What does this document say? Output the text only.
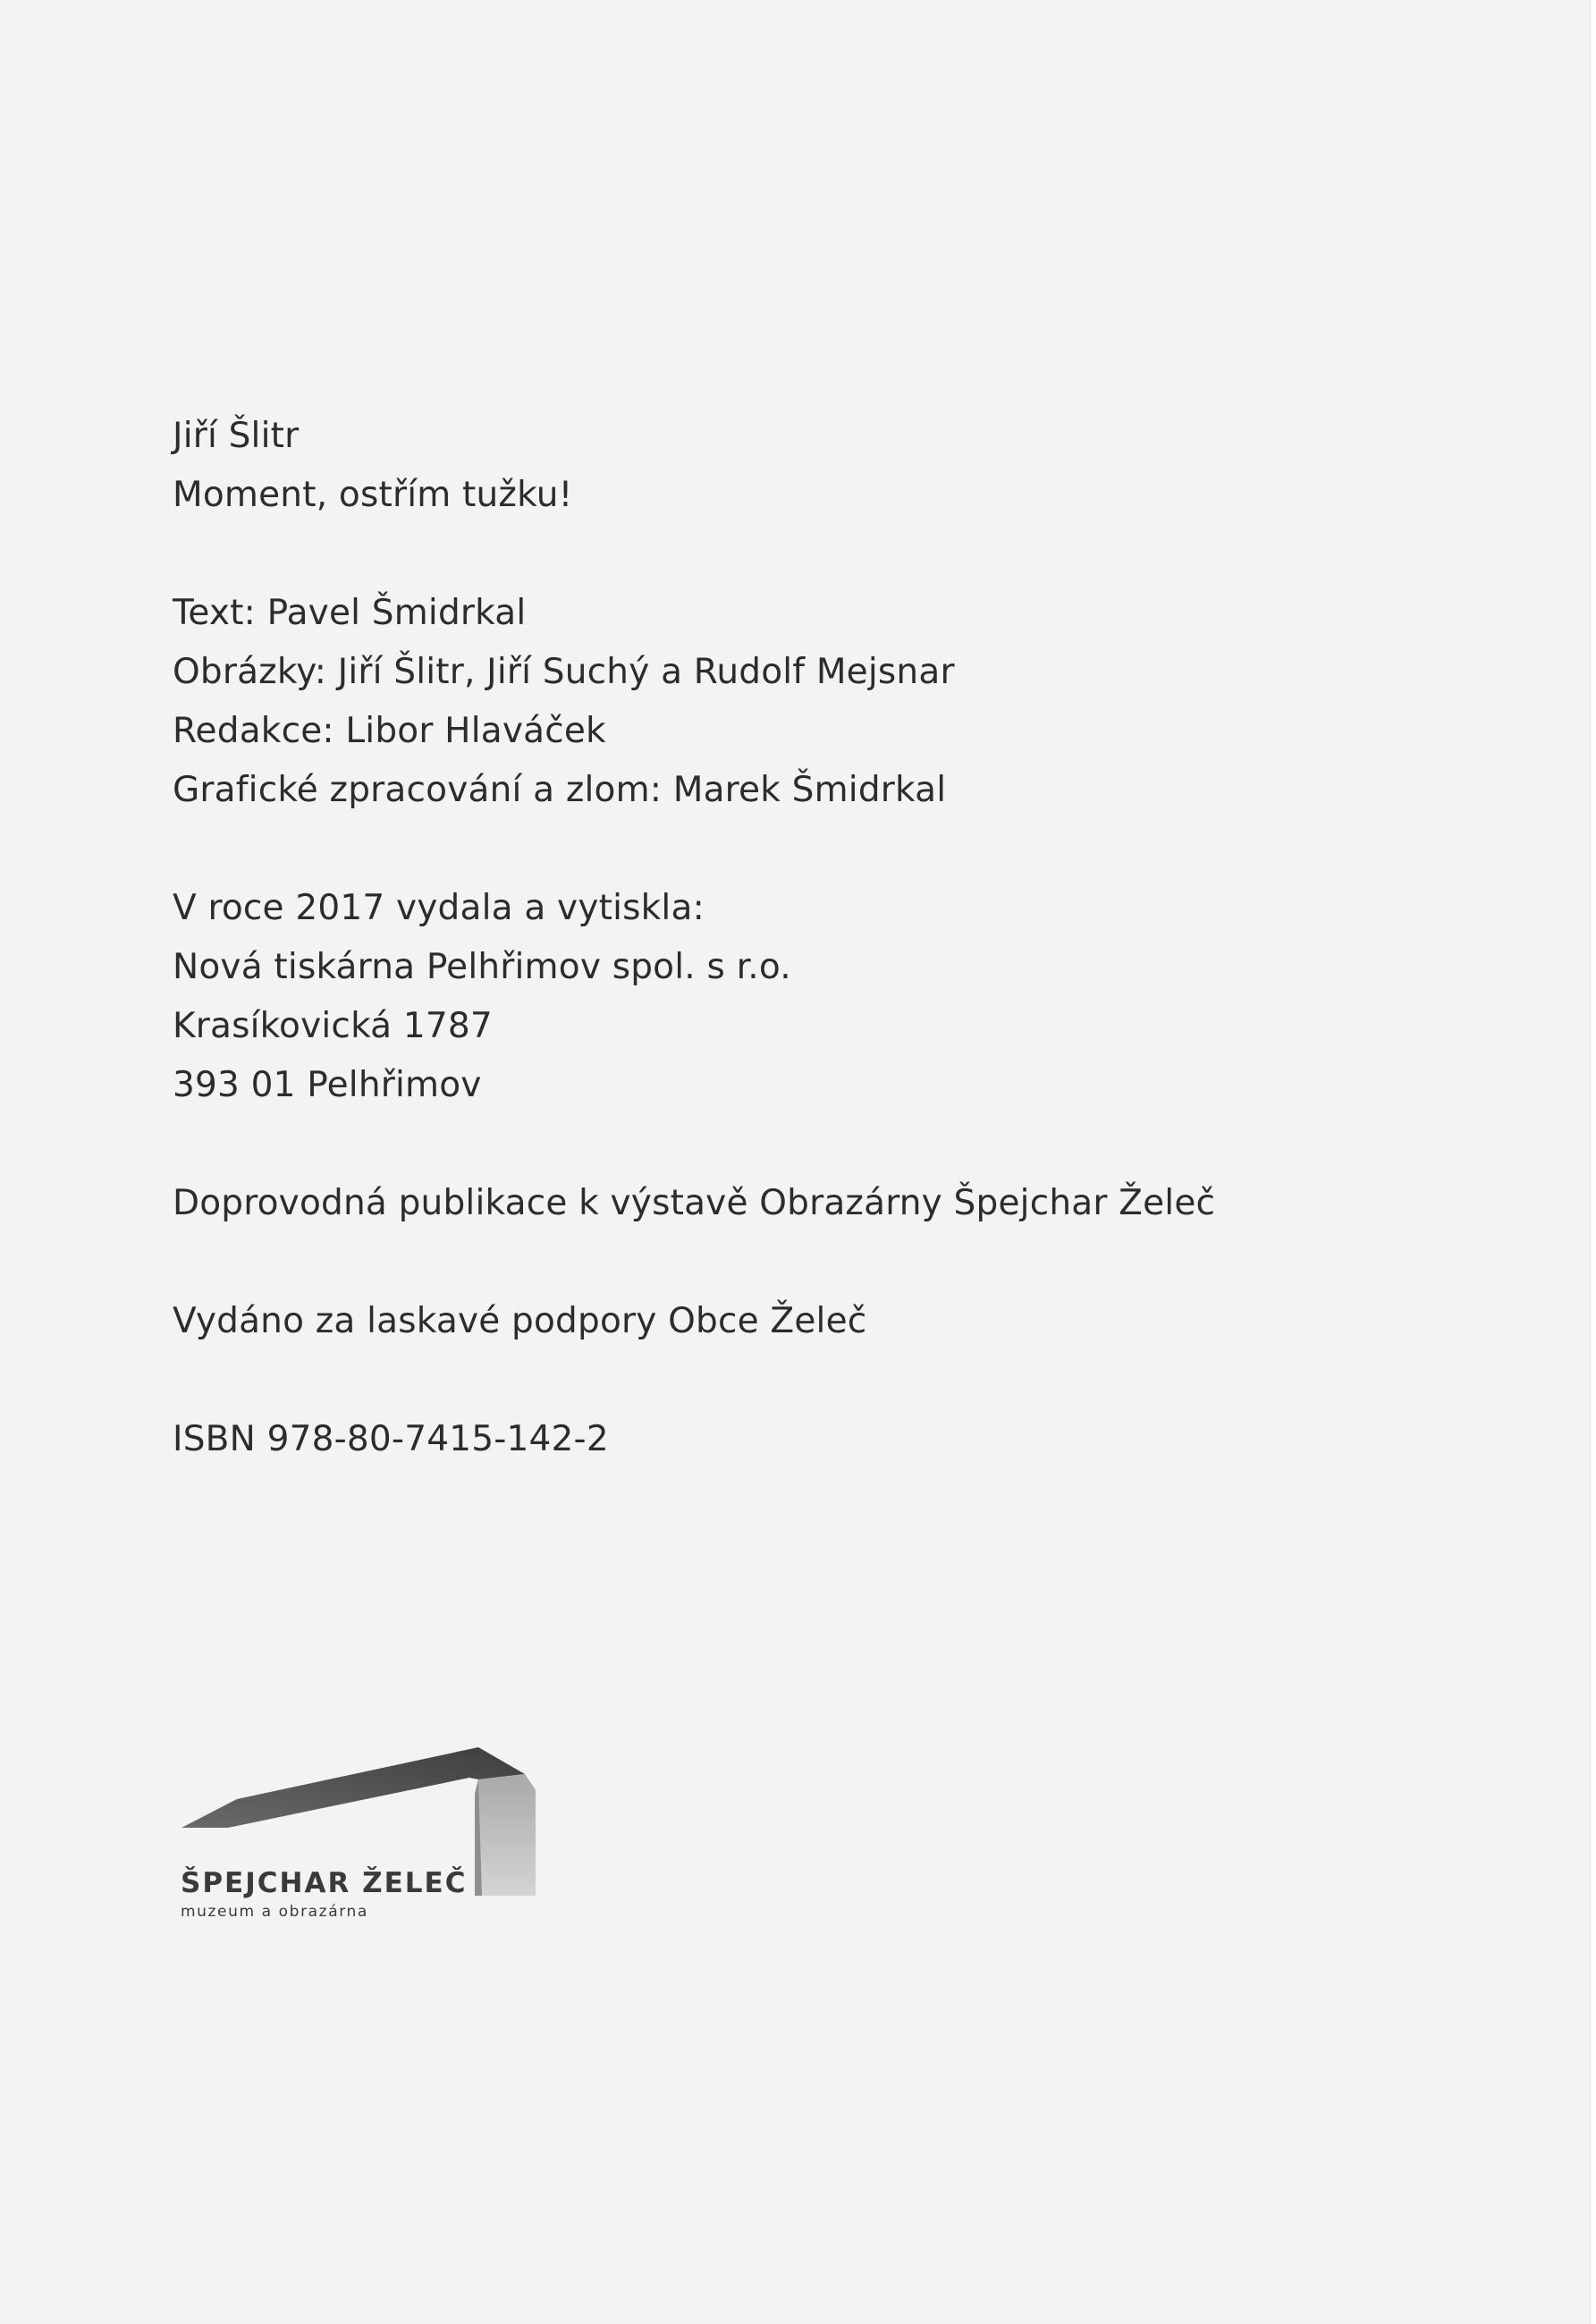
Jiří Šlitr
Moment, ostřím tužku!
Text: Pavel Šmidrkal
Obrázky: Jiří Šlitr, Jiří Suchý a Rudolf Mejsnar
Redakce: Libor Hlaváček
Grafické zpracování a zlom: Marek Šmidrkal
V roce 2017 vydala a vytiskla:
Nová tiskárna Pelhřimov spol. s r.o.
Krasíkovická 1787
393 01 Pelhřimov
Doprovodná publikace k výstavě Obrazárny Špejchar Želeč
Vydáno za laskavé podpory Obce Želeč
ISBN 978-80-7415-142-2
ŠPEJCHAR ŽELEČ
muzeum a obrazárna
